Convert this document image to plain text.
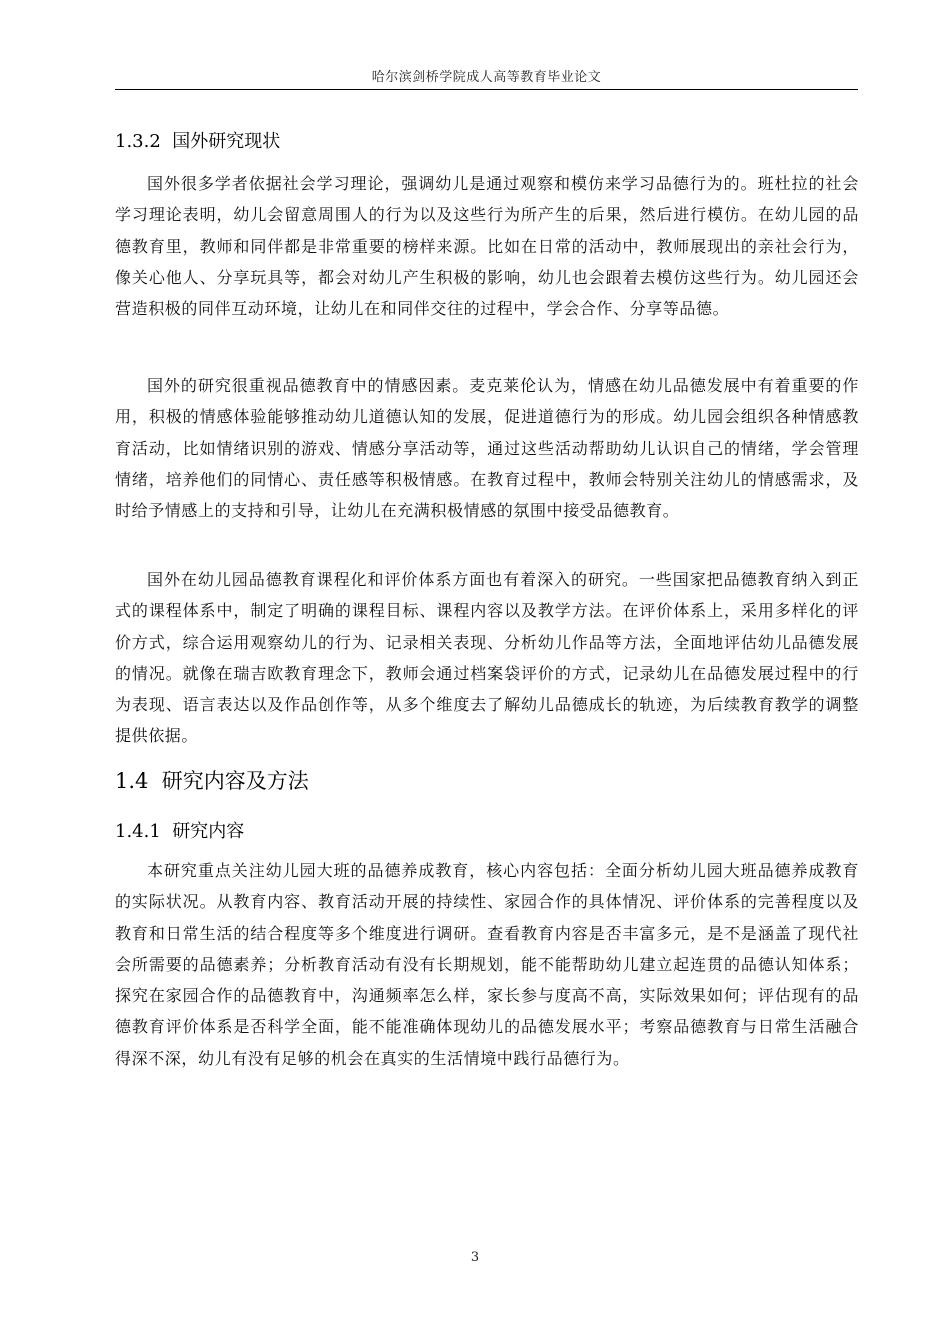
哈尔滨剑桥学院成人高等教育毕业论文
1.3.2 国外研究现状

国外很多学者依据社会学习理论，强调幼儿是通过观察和模仿来学习品德行为的。班杜拉的社会学习理论表明，幼儿会留意周围人的行为以及这些行为所产生的后果，然后进行模仿。在幼儿园的品德教育里，教师和同伴都是非常重要的榜样来源。比如在日常的活动中，教师展现出的亲社会行为，像关心他人、分享玩具等，都会对幼儿产生积极的影响，幼儿也会跟着去模仿这些行为。幼儿园还会营造积极的同伴互动环境，让幼儿在和同伴交往的过程中，学会合作、分享等品德。

国外的研究很重视品德教育中的情感因素。麦克莱伦认为，情感在幼儿品德发展中有着重要的作用，积极的情感体验能够推动幼儿道德认知的发展，促进道德行为的形成。幼儿园会组织各种情感教育活动，比如情绪识别的游戏、情感分享活动等，通过这些活动帮助幼儿认识自己的情绪，学会管理情绪，培养他们的同情心、责任感等积极情感。在教育过程中，教师会特别关注幼儿的情感需求，及时给予情感上的支持和引导，让幼儿在充满积极情感的氛围中接受品德教育。

国外在幼儿园品德教育课程化和评价体系方面也有着深入的研究。一些国家把品德教育纳入到正式的课程体系中，制定了明确的课程目标、课程内容以及教学方法。在评价体系上，采用多样化的评价方式，综合运用观察幼儿的行为、记录相关表现、分析幼儿作品等方法，全面地评估幼儿品德发展的情况。就像在瑞吉欧教育理念下，教师会通过档案袋评价的方式，记录幼儿在品德发展过程中的行为表现、语言表达以及作品创作等，从多个维度去了解幼儿品德成长的轨迹，为后续教育教学的调整提供依据。

1.4 研究内容及方法
1.4.1 研究内容

本研究重点关注幼儿园大班的品德养成教育，核心内容包括：全面分析幼儿园大班品德养成教育的实际状况。从教育内容、教育活动开展的持续性、家园合作的具体情况、评价体系的完善程度以及教育和日常生活的结合程度等多个维度进行调研。查看教育内容是否丰富多元，是不是涵盖了现代社会所需要的品德素养；分析教育活动有没有长期规划，能不能帮助幼儿建立起连贯的品德认知体系；探究在家园合作的品德教育中，沟通频率怎么样，家长参与度高不高，实际效果如何；评估现有的品德教育评价体系是否科学全面，能不能准确体现幼儿的品德发展水平；考察品德教育与日常生活融合得深不深，幼儿有没有足够的机会在真实的生活情境中践行品德行为。

3
